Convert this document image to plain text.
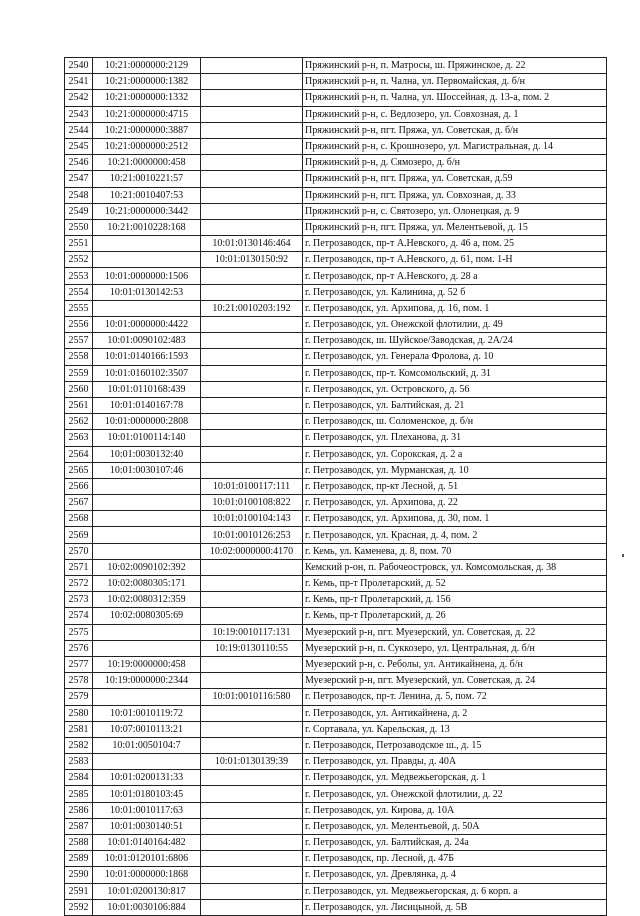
2540	10:21:0000000:2129		Пряжинский р-н, п. Матросы, ш. Пряжинское, д. 22
2541	10:21:0000000:1382		Пряжинский р-н, п. Чална, ул. Первомайская, д. б/н
2542	10:21:0000000:1332		Пряжинский р-н, п. Чална, ул. Шоссейная, д. 13-а, пом. 2
2543	10:21:0000000:4715		Пряжинский р-н, с. Ведлозеро, ул. Совхозная, д. 1
2544	10:21:0000000:3887		Пряжинский р-н, пгт. Пряжа, ул. Советская, д. б/н
2545	10:21:0000000:2512		Пряжинский р-н, с. Крошнозеро, ул. Магистральная, д. 14
2546	10:21:0000000:458		Пряжинский р-н, д. Сямозеро, д. б/н
2547	10:21:0010221:57		Пряжинский р-н, пгт. Пряжа, ул. Советская, д.59
2548	10:21:0010407:53		Пряжинский р-н, пгт. Пряжа, ул. Совхозная, д. 33
2549	10:21:0000000:3442		Пряжинский р-н, с. Святозеро, ул. Олонецкая, д. 9
2550	10:21:0010228:168		Пряжинский р-н, пгт. Пряжа, ул. Мелентьевой, д. 15
2551		10:01:0130146:464	г. Петрозаводск, пр-т А.Невского, д. 46 а, пом. 25
2552		10:01:0130150:92	г. Петрозаводск, пр-т А.Невского, д. 61, пом. 1-Н
2553	10:01:0000000:1506		г. Петрозаводск, пр-т А.Невского, д. 28 а
2554	10:01:0130142:53		г. Петрозаводск, ул. Калинина, д. 52 б
2555		10:21:0010203:192	г. Петрозаводск, ул. Архипова, д. 16, пом. 1
2556	10:01:0000000:4422		г. Петрозаводск, ул. Онежской флотилии, д. 49
2557	10:01:0090102:483		г. Петрозаводск, ш. Шуйское/Заводская, д. 2А/24
2558	10:01:0140166:1593		г. Петрозаводск, ул. Генерала Фролова, д. 10
2559	10:01:0160102:3507		г. Петрозаводск, пр-т. Комсомольский, д. 31
2560	10:01:0110168:439		г. Петрозаводск, ул. Островского, д. 56
2561	10:01:0140167:78		г. Петрозаводск, ул. Балтийская, д. 21
2562	10:01:0000000:2808		г. Петрозаводск, ш. Соломенское, д. б/н
2563	10:01:0100114:140		г. Петрозаводск, ул. Плеханова, д. 31
2564	10:01:0030132:40		г. Петрозаводск, ул. Сорокская, д. 2 а
2565	10:01:0030107:46		г. Петрозаводск, ул. Мурманская, д. 10
2566		10:01:0100117:111	г. Петрозаводск, пр-кт Лесной, д. 51
2567		10:01:0100108:822	г. Петрозаводск, ул. Архипова, д. 22
2568		10:01:0100104:143	г. Петрозаводск, ул. Архипова, д. 30, пом. 1
2569		10:01:0010126:253	г. Петрозаводск, ул. Красная, д. 4, пом. 2
2570		10:02:0000000:4170	г. Кемь, ул. Каменева, д. 8, пом. 70
2571	10:02:0090102:392		Кемский р-он, п. Рабочеостровск, ул. Комсомольская, д. 38
2572	10:02:0080305:171		г. Кемь, пр-т Пролетарский, д. 52
2573	10:02:0080312:359		г. Кемь, пр-т Пролетарский, д. 156
2574	10:02:0080305:69		г. Кемь, пр-т Пролетарский, д. 26
2575		10:19:0010117:131	Муезерский р-н, пгт. Муезерский, ул. Советская, д. 22
2576		10:19:0130110:55	Муезерский р-н, п. Суккозеро, ул. Центральная, д. б/н
2577	10:19:0000000:458		Муезерский р-н, с. Реболы, ул. Антикайнена, д. б/н
2578	10:19:0000000:2344		Муезерский р-н, пгт. Муезерский, ул. Советская, д. 24
2579		10:01:0010116:580	г. Петрозаводск, пр-т. Ленина, д. 5, пом. 72
2580	10:01:0010119:72		г. Петрозаводск, ул. Антикайнена, д. 2
2581	10:07:0010113:21		г. Сортавала, ул. Карельская, д. 13
2582	10:01:0050104:7		г. Петрозаводск, Петрозаводское ш., д. 15
2583		10:01:0130139:39	г. Петрозаводск, ул. Правды, д. 40А
2584	10:01:0200131:33		г. Петрозаводск, ул. Медвежьегорская, д. 1
2585	10:01:0180103:45		г. Петрозаводск, ул. Онежской флотилии, д. 22
2586	10:01:0010117:63		г. Петрозаводск, ул. Кирова, д. 10А
2587	10:01:0030140:51		г. Петрозаводск, ул. Мелентьевой, д. 50А
2588	10:01:0140164:482		г. Петрозаводск, ул. Балтийская, д. 24а
2589	10:01:0120101:6806		г. Петрозаводск, пр. Лесной, д. 47Б
2590	10:01:0000000:1868		г. Петрозаводск, ул. Древлянка, д. 4
2591	10:01:0200130:817		г. Петрозаводск, ул. Медвежьегорская, д. 6 корп. а
2592	10:01:0030106:884		г. Петрозаводск, ул. Лисицыной, д. 5В
